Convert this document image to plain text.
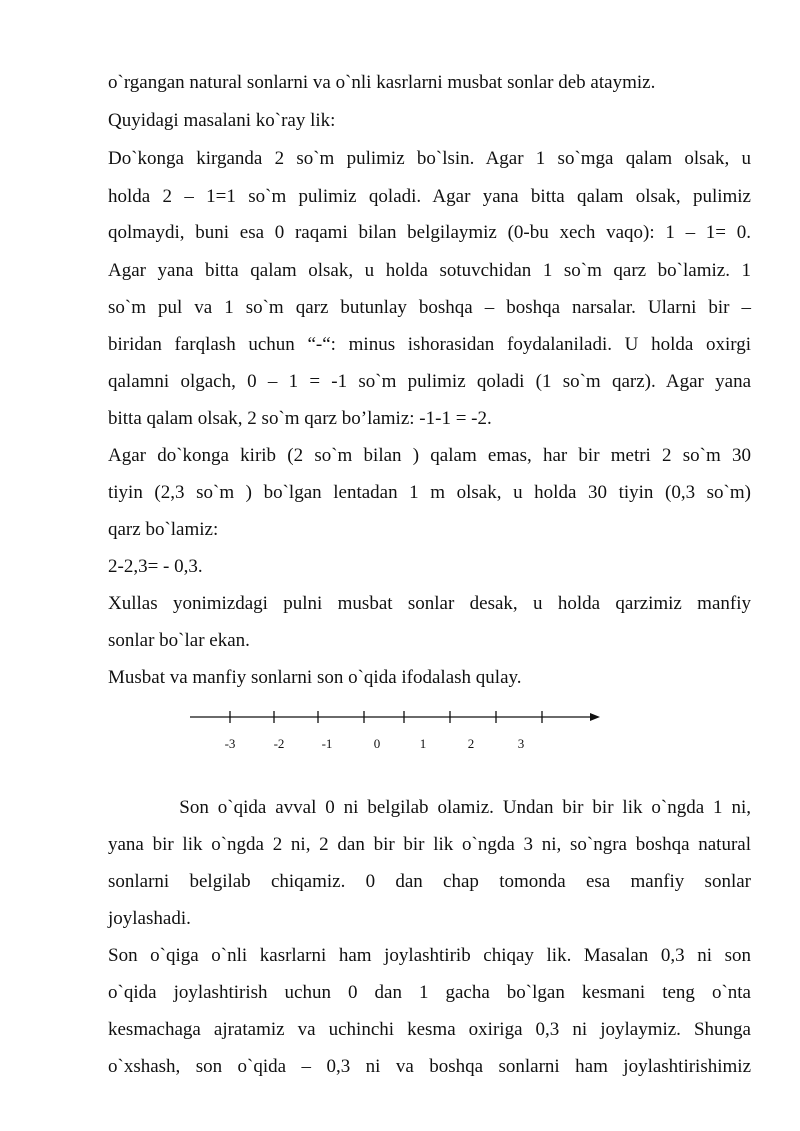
o`rgangan natural sonlarni va o`nli kasrlarni musbat sonlar deb ataymiz.
Quyidagi masalani ko`ray lik:
Do`konga kirganda 2 so`m pulimiz bo`lsin. Agar 1 so`mga qalam olsak, u
holda 2 – 1=1 so`m pulimiz qoladi. Agar yana bitta qalam olsak, pulimiz
qolmaydi, buni esa 0 raqami bilan belgilaymiz (0-bu xech vaqo): 1 – 1= 0.
Agar yana bitta qalam olsak, u holda sotuvchidan 1 so`m qarz bo`lamiz. 1
so`m pul va 1 so`m qarz butunlay boshqa – boshqa narsalar. Ularni bir –
biridan farqlash uchun “-“: minus ishorasidan foydalaniladi. U holda oxirgi
qalamni olgach, 0 – 1 = -1 so`m pulimiz qoladi (1 so`m qarz). Agar yana
bitta qalam olsak, 2 so`m qarz bo’lamiz: -1-1 = -2.
Agar do`konga kirib (2 so`m bilan ) qalam emas, har bir metri 2 so`m 30
tiyin (2,3 so`m ) bo`lgan lentadan 1 m olsak, u holda 30 tiyin (0,3 so`m)
qarz bo`lamiz:
2-2,3= - 0,3.
Xullas yonimizdagi pulni musbat sonlar desak, u holda qarzimiz manfiy
sonlar bo`lar ekan.
Musbat va manfiy sonlarni son o`qida ifodalash qulay.
-3	-2	-1	0	1	2	3
Son o`qida avval 0 ni belgilab olamiz. Undan bir bir lik o`ngda 1 ni,
yana bir lik o`ngda 2 ni, 2 dan bir bir lik o`ngda 3 ni, so`ngra boshqa natural
sonlarni belgilab chiqamiz. 0 dan chap tomonda esa manfiy sonlar
joylashadi.
Son o`qiga o`nli kasrlarni ham joylashtirib chiqay lik. Masalan 0,3 ni son
o`qida joylashtirish uchun 0 dan 1 gacha bo`lgan kesmani teng o`nta
kesmachaga ajratamiz va uchinchi kesma oxiriga 0,3 ni joylaymiz. Shunga
o`xshash, son o`qida – 0,3 ni va boshqa sonlarni ham joylashtirishimiz
